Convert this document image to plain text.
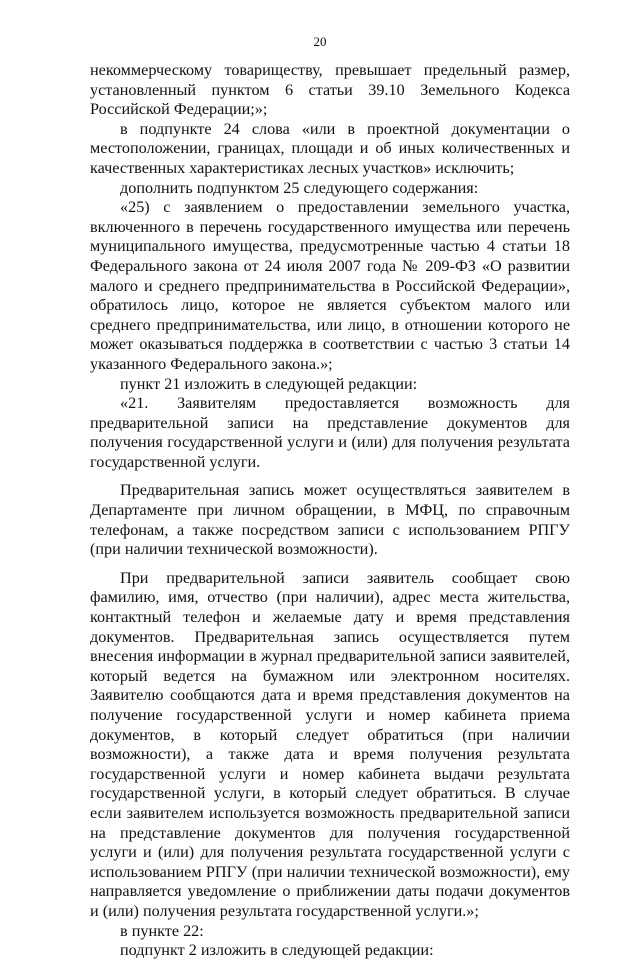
20

некоммерческому товариществу, превышает предельный размер, установленный пунктом 6 статьи 39.10 Земельного Кодекса Российской Федерации;»;

в подпункте 24 слова «или в проектной документации о местоположении, границах, площади и об иных количественных и качественных характеристиках лесных участков» исключить;

дополнить подпунктом 25 следующего содержания:

«25) с заявлением о предоставлении земельного участка, включенного в перечень государственного имущества или перечень муниципального имущества, предусмотренные частью 4 статьи 18 Федерального закона от 24 июля 2007 года № 209-ФЗ «О развитии малого и среднего предпринимательства в Российской Федерации», обратилось лицо, которое не является субъектом малого или среднего предпринимательства, или лицо, в отношении которого не может оказываться поддержка в соответствии с частью 3 статьи 14 указанного Федерального закона.»;

пункт 21 изложить в следующей редакции:

«21. Заявителям предоставляется возможность для предварительной записи на представление документов для получения государственной услуги и (или) для получения результата государственной услуги.

Предварительная запись может осуществляться заявителем в Департаменте при личном обращении, в МФЦ, по справочным телефонам, а также посредством записи с использованием РПГУ (при наличии технической возможности).

При предварительной записи заявитель сообщает свою фамилию, имя, отчество (при наличии), адрес места жительства, контактный телефон и желаемые дату и время представления документов. Предварительная запись осуществляется путем внесения информации в журнал предварительной записи заявителей, который ведется на бумажном или электронном носителях. Заявителю сообщаются дата и время представления документов на получение государственной услуги и номер кабинета приема документов, в который следует обратиться (при наличии возможности), а также дата и время получения результата государственной услуги и номер кабинета выдачи результата государственной услуги, в который следует обратиться. В случае если заявителем используется возможность предварительной записи на представление документов для получения государственной услуги и (или) для получения результата государственной услуги с использованием РПГУ (при наличии технической возможности), ему направляется уведомление о приближении даты подачи документов и (или) получения результата государственной услуги.»;

в пункте 22:

подпункт 2 изложить в следующей редакции:
